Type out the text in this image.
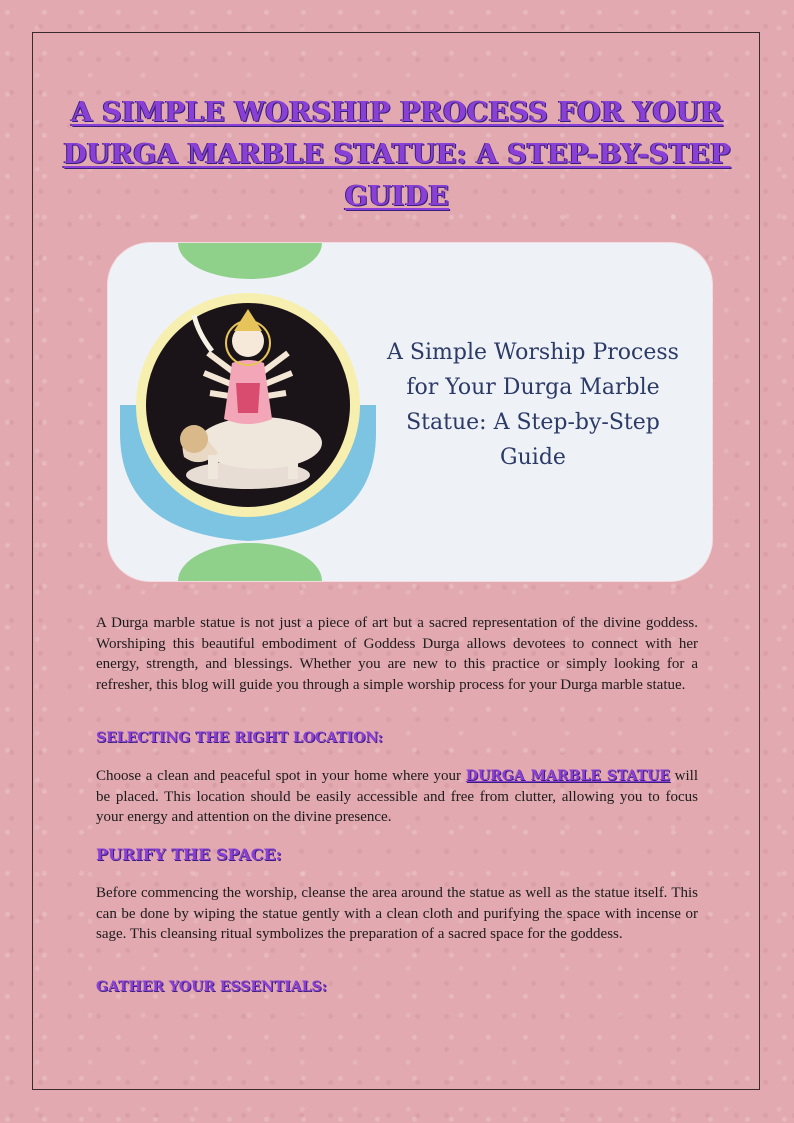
A SIMPLE WORSHIP PROCESS FOR YOUR DURGA MARBLE STATUE: A STEP-BY-STEP GUIDE
A Simple Worship Process for Your Durga Marble Statue: A Step-by-Step Guide

A Durga marble statue is not just a piece of art but a sacred representation of the divine goddess. Worshiping this beautiful embodiment of Goddess Durga allows devotees to connect with her energy, strength, and blessings. Whether you are new to this practice or simply looking for a refresher, this blog will guide you through a simple worship process for your Durga marble statue.

SELECTING THE RIGHT LOCATION:

Choose a clean and peaceful spot in your home where your DURGA MARBLE STATUE will be placed. This location should be easily accessible and free from clutter, allowing you to focus your energy and attention on the divine presence.

PURIFY THE SPACE:

Before commencing the worship, cleanse the area around the statue as well as the statue itself. This can be done by wiping the statue gently with a clean cloth and purifying the space with incense or sage. This cleansing ritual symbolizes the preparation of a sacred space for the goddess.

GATHER YOUR ESSENTIALS:
